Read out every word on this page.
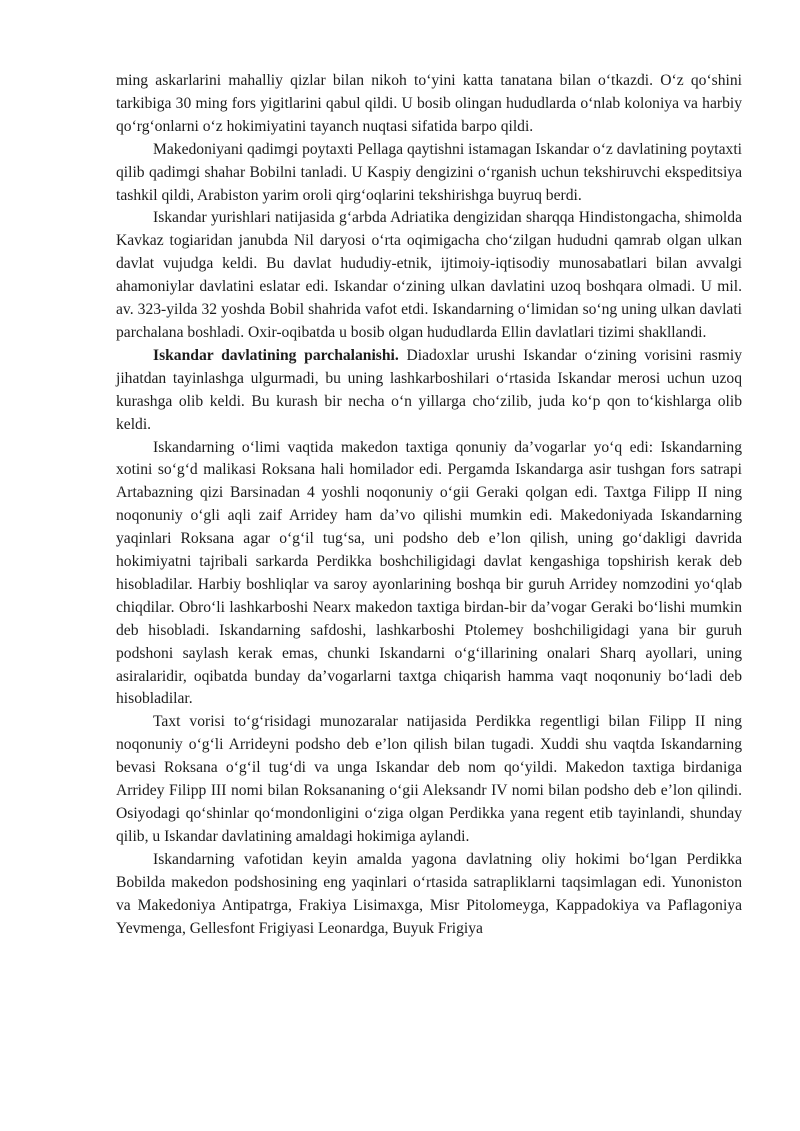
ming askarlarini mahalliy qizlar bilan nikoh to‘yini katta tanatana bilan o‘tkazdi. O‘z qo‘shini tarkibiga 30 ming fors yigitlarini qabul qildi. U bosib olingan hududlarda o‘nlab koloniya va harbiy qo‘rg‘onlarni o‘z hokimiyatini tayanch nuqtasi sifatida barpo qildi.

Makedoniyani qadimgi poytaxti Pellaga qaytishni istamagan Iskandar o‘z davlatining poytaxti qilib qadimgi shahar Bobilni tanladi. U Kaspiy dengizini o‘rganish uchun tekshiruvchi ekspeditsiya tashkil qildi, Arabiston yarim oroli qirg‘oqlarini tekshirishga buyruq berdi.

Iskandar yurishlari natijasida g‘arbda Adriatika dengizidan sharqqa Hindistongacha, shimolda Kavkaz togiaridan janubda Nil daryosi o‘rta oqimigacha cho‘zilgan hududni qamrab olgan ulkan davlat vujudga keldi. Bu davlat hududiy-etnik, ijtimoiy-iqtisodiy munosabatlari bilan avvalgi ahamoniylar davlatini eslatar edi. Iskandar o‘zining ulkan davlatini uzoq boshqara olmadi. U mil. av. 323-yilda 32 yoshda Bobil shahrida vafot etdi. Iskandarning o‘limidan so‘ng uning ulkan davlati parchalana boshladi. Oxir-oqibatda u bosib olgan hududlarda Ellin davlatlari tizimi shakllandi.

Iskandar davlatining parchalanishi. Diadoxlar urushi Iskandar o‘zining vorisini rasmiy jihatdan tayinlashga ulgurmadi, bu uning lashkarboshilari o‘rtasida Iskandar merosi uchun uzoq kurashga olib keldi. Bu kurash bir necha o‘n yillarga cho‘zilib, juda ko‘p qon to‘kishlarga olib keldi.

Iskandarning o‘limi vaqtida makedon taxtiga qonuniy da’vogarlar yo‘q edi: Iskandarning xotini so‘g‘d malikasi Roksana hali homilador edi. Pergamda Iskandarga asir tushgan fors satrapi Artabazning qizi Barsinadan 4 yoshli noqonuniy o‘gii Geraki qolgan edi. Taxtga Filipp II ning noqonuniy o‘gli aqli zaif Arridey ham da’vo qilishi mumkin edi. Makedoniyada Iskandarning yaqinlari Roksana agar o‘g‘il tug‘sa, uni podsho deb e’lon qilish, uning go‘dakligi davrida hokimiyatni tajribali sarkarda Perdikka boshchiligidagi davlat kengashiga topshirish kerak deb hisobladilar. Harbiy boshliqlar va saroy ayonlarining boshqa bir guruh Arridey nomzodini yo‘qlab chiqdilar. Obro‘li lashkarboshi Nearx makedon taxtiga birdan-bir da’vogar Geraki bo‘lishi mumkin deb hisobladi. Iskandarning safdoshi, lashkarboshi Ptolemey boshchiligidagi yana bir guruh podshoni saylash kerak emas, chunki Iskandarni o‘g‘illarining onalari Sharq ayollari, uning asiralaridir, oqibatda bunday da’vogarlarni taxtga chiqarish hamma vaqt noqonuniy bo‘ladi deb hisobladilar.

Taxt vorisi to‘g‘risidagi munozaralar natijasida Perdikka regentligi bilan Filipp II ning noqonuniy o‘g‘li Arrideyni podsho deb e’lon qilish bilan tugadi. Xuddi shu vaqtda Iskandarning bevasi Roksana o‘g‘il tug‘di va unga Iskandar deb nom qo‘yildi. Makedon taxtiga birdaniga Arridey Filipp III nomi bilan Roksananing o‘gii Aleksandr IV nomi bilan podsho deb e’lon qilindi. Osiyodagi qo‘shinlar qo‘mondonligini o‘ziga olgan Perdikka yana regent etib tayinlandi, shunday qilib, u Iskandar davlatining amaldagi hokimiga aylandi.

Iskandarning vafotidan keyin amalda yagona davlatning oliy hokimi bo‘lgan Perdikka Bobilda makedon podshosining eng yaqinlari o‘rtasida satrapliklarni taqsimlagan edi. Yunoniston va Makedoniya Antipatrga, Frakiya Lisimaxga, Misr Pitolomeyga, Kappadokiya va Paflagoniya Yevmenga, Gellesfont Frigiyasi Leonardga, Buyuk Frigiya
